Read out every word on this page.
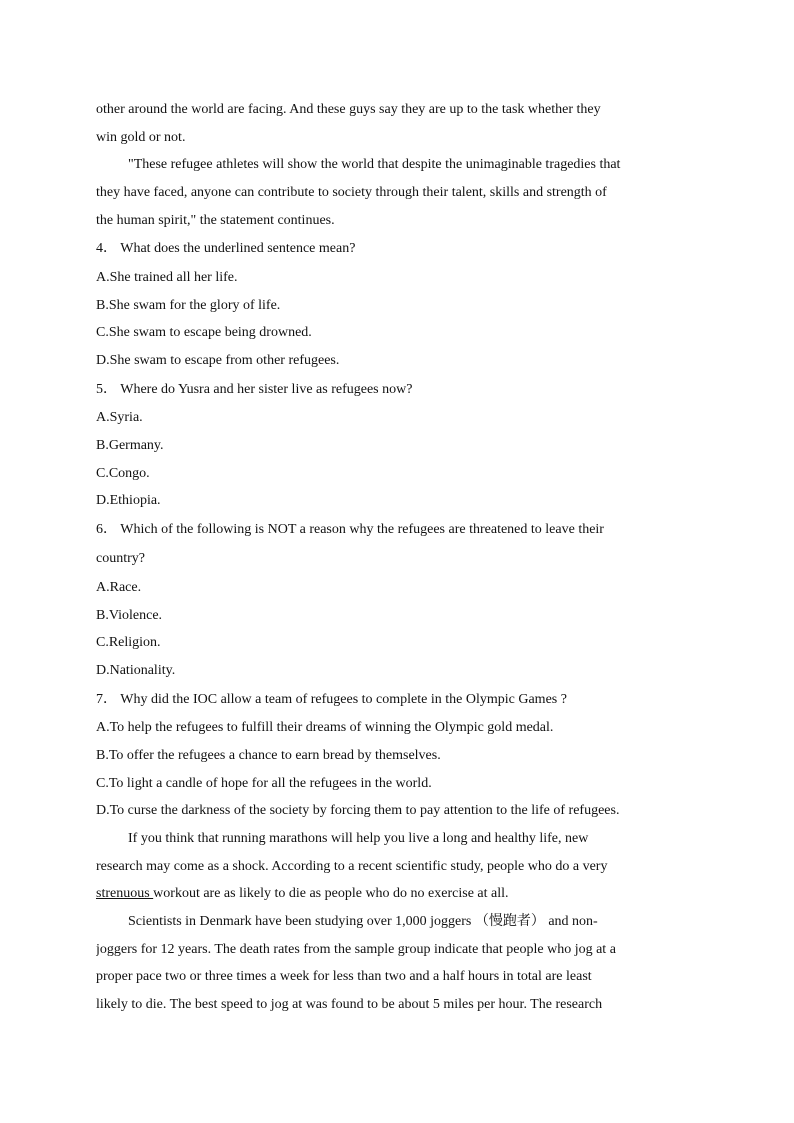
other around the world are facing. And these guys say they are up to the task whether they
win gold or not.
"These refugee athletes will show the world that despite the unimaginable tragedies that
they have faced, anyone can contribute to society through their talent, skills and strength of
the human spirit," the statement continues.
4． What does the underlined sentence mean?
A.She trained all her life.
B.She swam for the glory of life.
C.She swam to escape being drowned.
D.She swam to escape from other refugees.
5． Where do Yusra and her sister live as refugees now?
A.Syria.
B.Germany.
C.Congo.
D.Ethiopia.
6． Which of the following is NOT a reason why the refugees are threatened to leave their
country?
A.Race.
B.Violence.
C.Religion.
D.Nationality.
7． Why did the IOC allow a team of refugees to complete in the Olympic Games ?
A.To help the refugees to fulfill their dreams of winning the Olympic gold medal.
B.To offer the refugees a chance to earn bread by themselves.
C.To light a candle of hope for all the refugees in the world.
D.To curse the darkness of the society by forcing them to pay attention to the life of refugees.
If you think that running marathons will help you live a long and healthy life, new
research may come as a shock. According to a recent scientific study, people who do a very
strenuous workout are as likely to die as people who do no exercise at all.
Scientists in Denmark have been studying over 1,000 joggers （慢跑者） and non-
joggers for 12 years. The death rates from the sample group indicate that people who jog at a
proper pace two or three times a week for less than two and a half hours in total are least
likely to die. The best speed to jog at was found to be about 5 miles per hour. The research
